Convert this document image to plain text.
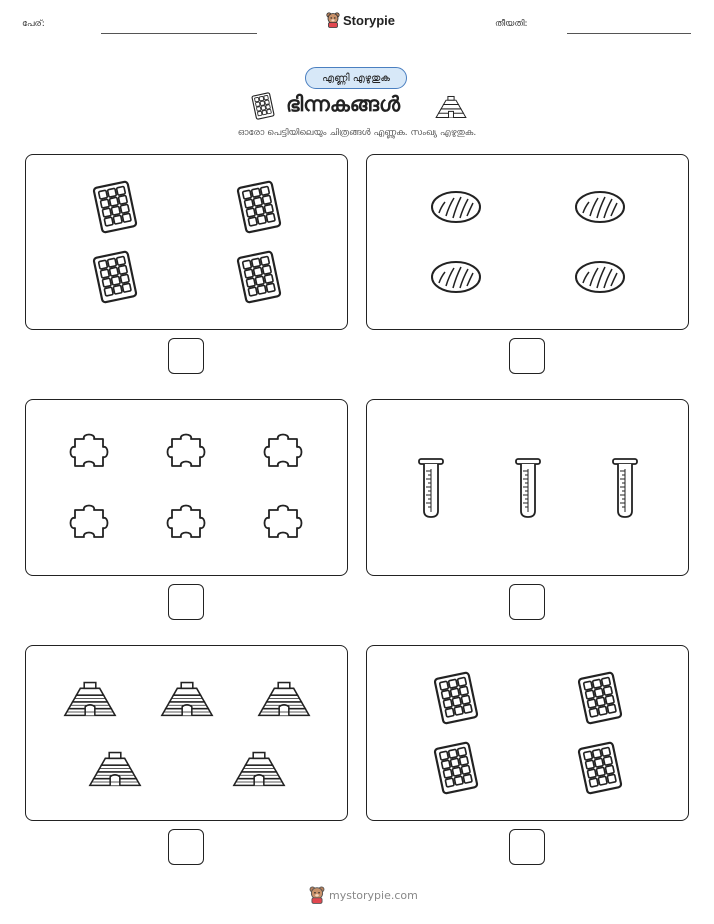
പേര്:	Storypie	തീയതി:
എണ്ണി എഴുതുക
ഭിന്നകങ്ങൾ
ഓരോ പെട്ടിയിലെയും ചിത്രങ്ങൾ എണ്ണുക. സംഖ്യ എഴുതുക.
mystorypie.com
